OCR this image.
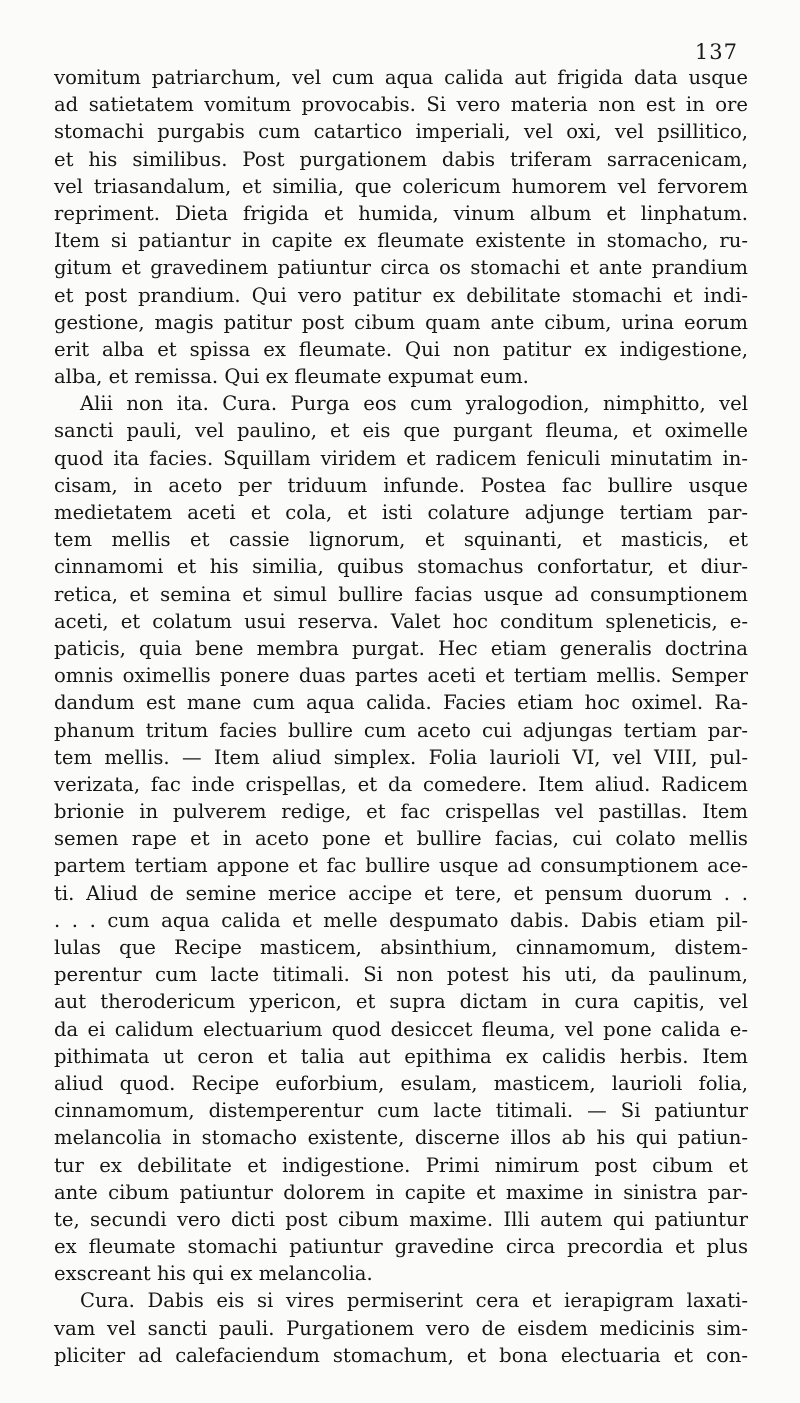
137
vomitum patriarchum, vel cum aqua calida aut frigida data usque
ad satietatem vomitum provocabis. Si vero materia non est in ore
stomachi purgabis cum catartico imperiali, vel oxi, vel psillitico,
et his similibus. Post purgationem dabis triferam sarracenicam,
vel triasandalum, et similia, que colericum humorem vel fervorem
repriment. Dieta frigida et humida, vinum album et linphatum.
Item si patiantur in capite ex fleumate existente in stomacho, ru-
gitum et gravedinem patiuntur circa os stomachi et ante prandium
et post prandium. Qui vero patitur ex debilitate stomachi et indi-
gestione, magis patitur post cibum quam ante cibum, urina eorum
erit alba et spissa ex fleumate. Qui non patitur ex indigestione,
alba, et remissa. Qui ex fleumate expumat eum.
Alii non ita. Cura. Purga eos cum yralogodion, nimphitto, vel
sancti pauli, vel paulino, et eis que purgant fleuma, et oximelle
quod ita facies. Squillam viridem et radicem feniculi minutatim in-
cisam, in aceto per triduum infunde. Postea fac bullire usque
medietatem aceti et cola, et isti colature adjunge tertiam par-
tem mellis et cassie lignorum, et squinanti, et masticis, et
cinnamomi et his similia, quibus stomachus confortatur, et diur-
retica, et semina et simul bullire facias usque ad consumptionem
aceti, et colatum usui reserva. Valet hoc conditum spleneticis, e-
paticis, quia bene membra purgat. Hec etiam generalis doctrina
omnis oximellis ponere duas partes aceti et tertiam mellis. Semper
dandum est mane cum aqua calida. Facies etiam hoc oximel. Ra-
phanum tritum facies bullire cum aceto cui adjungas tertiam par-
tem mellis. — Item aliud simplex. Folia laurioli VI, vel VIII, pul-
verizata, fac inde crispellas, et da comedere. Item aliud. Radicem
brionie in pulverem redige, et fac crispellas vel pastillas. Item
semen rape et in aceto pone et bullire facias, cui colato mellis
partem tertiam appone et fac bullire usque ad consumptionem ace-
ti. Aliud de semine merice accipe et tere, et pensum duorum . .
. . . cum aqua calida et melle despumato dabis. Dabis etiam pil-
lulas que Recipe masticem, absinthium, cinnamomum, distem-
perentur cum lacte titimali. Si non potest his uti, da paulinum,
aut therodericum ypericon, et supra dictam in cura capitis, vel
da ei calidum electuarium quod desiccet fleuma, vel pone calida e-
pithimata ut ceron et talia aut epithima ex calidis herbis. Item
aliud quod. Recipe euforbium, esulam, masticem, laurioli folia,
cinnamomum, distemperentur cum lacte titimali. — Si patiuntur
melancolia in stomacho existente, discerne illos ab his qui patiun-
tur ex debilitate et indigestione. Primi nimirum post cibum et
ante cibum patiuntur dolorem in capite et maxime in sinistra par-
te, secundi vero dicti post cibum maxime. Illi autem qui patiuntur
ex fleumate stomachi patiuntur gravedine circa precordia et plus
exscreant his qui ex melancolia.
Cura. Dabis eis si vires permiserint cera et ierapigram laxati-
vam vel sancti pauli. Purgationem vero de eisdem medicinis sim-
pliciter ad calefaciendum stomachum, et bona electuaria et con-
